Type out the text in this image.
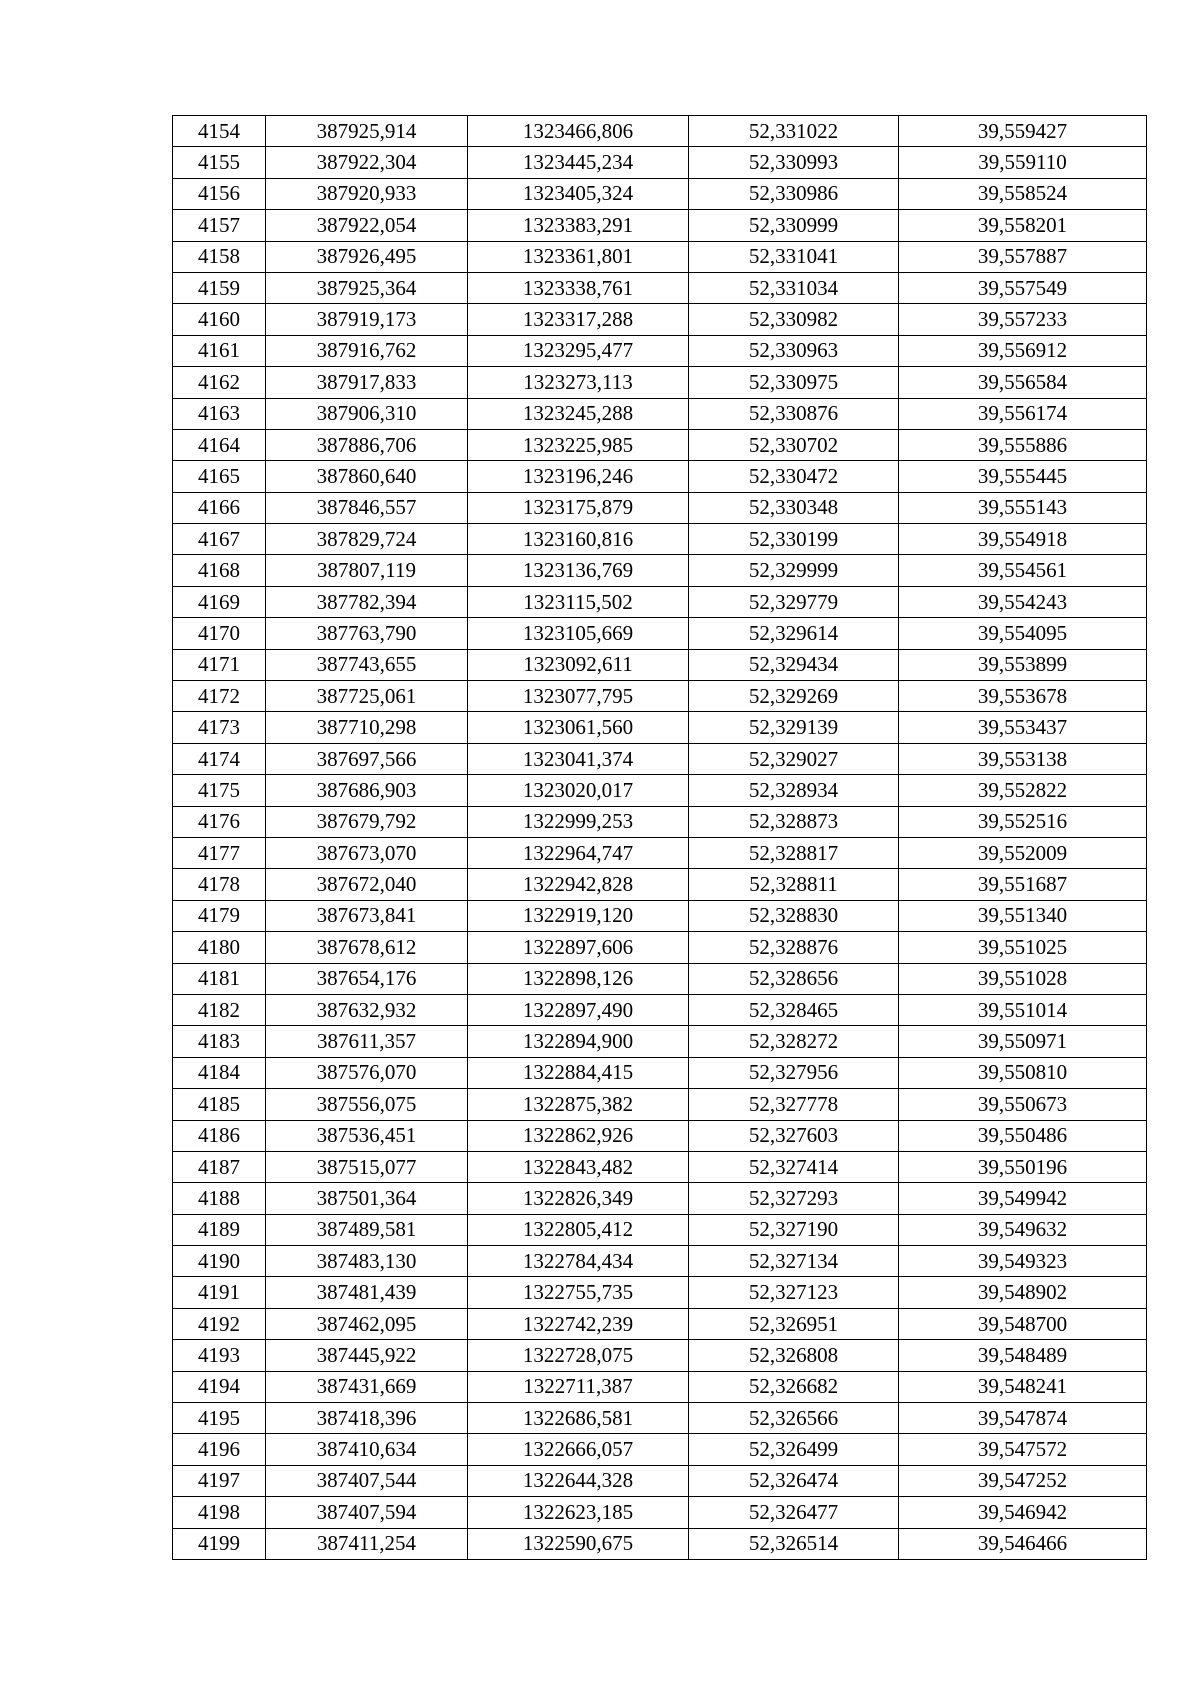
4154	387925,914	1323466,806	52,331022	39,559427
4155	387922,304	1323445,234	52,330993	39,559110
4156	387920,933	1323405,324	52,330986	39,558524
4157	387922,054	1323383,291	52,330999	39,558201
4158	387926,495	1323361,801	52,331041	39,557887
4159	387925,364	1323338,761	52,331034	39,557549
4160	387919,173	1323317,288	52,330982	39,557233
4161	387916,762	1323295,477	52,330963	39,556912
4162	387917,833	1323273,113	52,330975	39,556584
4163	387906,310	1323245,288	52,330876	39,556174
4164	387886,706	1323225,985	52,330702	39,555886
4165	387860,640	1323196,246	52,330472	39,555445
4166	387846,557	1323175,879	52,330348	39,555143
4167	387829,724	1323160,816	52,330199	39,554918
4168	387807,119	1323136,769	52,329999	39,554561
4169	387782,394	1323115,502	52,329779	39,554243
4170	387763,790	1323105,669	52,329614	39,554095
4171	387743,655	1323092,611	52,329434	39,553899
4172	387725,061	1323077,795	52,329269	39,553678
4173	387710,298	1323061,560	52,329139	39,553437
4174	387697,566	1323041,374	52,329027	39,553138
4175	387686,903	1323020,017	52,328934	39,552822
4176	387679,792	1322999,253	52,328873	39,552516
4177	387673,070	1322964,747	52,328817	39,552009
4178	387672,040	1322942,828	52,328811	39,551687
4179	387673,841	1322919,120	52,328830	39,551340
4180	387678,612	1322897,606	52,328876	39,551025
4181	387654,176	1322898,126	52,328656	39,551028
4182	387632,932	1322897,490	52,328465	39,551014
4183	387611,357	1322894,900	52,328272	39,550971
4184	387576,070	1322884,415	52,327956	39,550810
4185	387556,075	1322875,382	52,327778	39,550673
4186	387536,451	1322862,926	52,327603	39,550486
4187	387515,077	1322843,482	52,327414	39,550196
4188	387501,364	1322826,349	52,327293	39,549942
4189	387489,581	1322805,412	52,327190	39,549632
4190	387483,130	1322784,434	52,327134	39,549323
4191	387481,439	1322755,735	52,327123	39,548902
4192	387462,095	1322742,239	52,326951	39,548700
4193	387445,922	1322728,075	52,326808	39,548489
4194	387431,669	1322711,387	52,326682	39,548241
4195	387418,396	1322686,581	52,326566	39,547874
4196	387410,634	1322666,057	52,326499	39,547572
4197	387407,544	1322644,328	52,326474	39,547252
4198	387407,594	1322623,185	52,326477	39,546942
4199	387411,254	1322590,675	52,326514	39,546466
